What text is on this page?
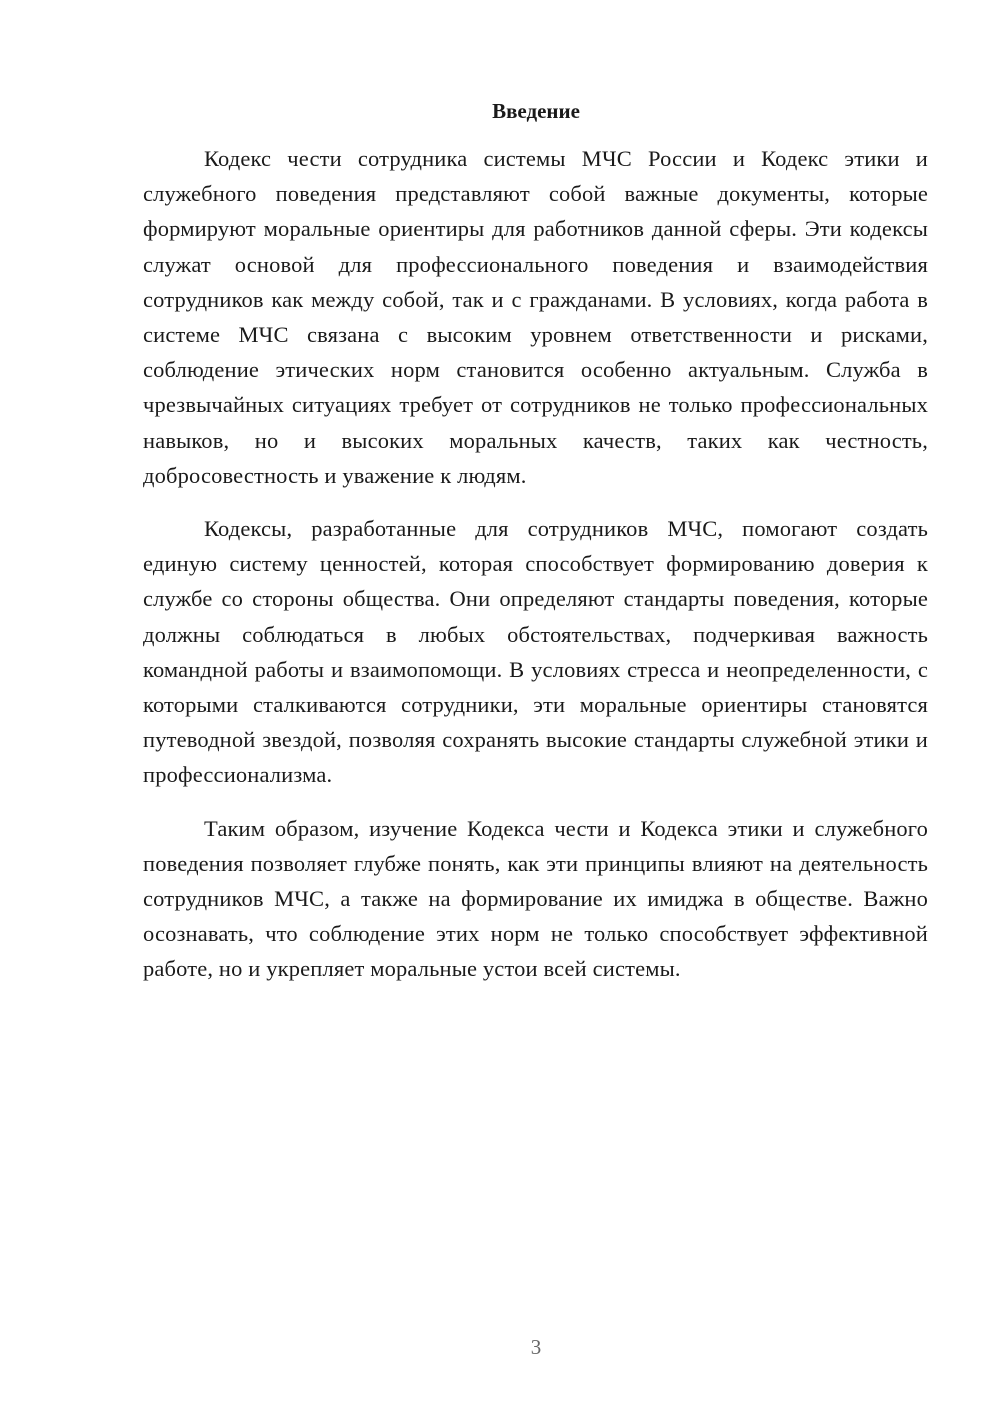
Введение

Кодекс чести сотрудника системы МЧС России и Кодекс этики и служебного поведения представляют собой важные документы, которые формируют моральные ориентиры для работников данной сферы. Эти кодексы служат основой для профессионального поведения и взаимодействия сотрудников как между собой, так и с гражданами. В условиях, когда работа в системе МЧС связана с высоким уровнем ответственности и рисками, соблюдение этических норм становится особенно актуальным. Служба в чрезвычайных ситуациях требует от сотрудников не только профессиональных навыков, но и высоких моральных качеств, таких как честность, добросовестность и уважение к людям.

Кодексы, разработанные для сотрудников МЧС, помогают создать единую систему ценностей, которая способствует формированию доверия к службе со стороны общества. Они определяют стандарты поведения, которые должны соблюдаться в любых обстоятельствах, подчеркивая важность командной работы и взаимопомощи. В условиях стресса и неопределенности, с которыми сталкиваются сотрудники, эти моральные ориентиры становятся путеводной звездой, позволяя сохранять высокие стандарты служебной этики и профессионализма.

Таким образом, изучение Кодекса чести и Кодекса этики и служебного поведения позволяет глубже понять, как эти принципы влияют на деятельность сотрудников МЧС, а также на формирование их имиджа в обществе. Важно осознавать, что соблюдение этих норм не только способствует эффективной работе, но и укрепляет моральные устои всей системы.

3
